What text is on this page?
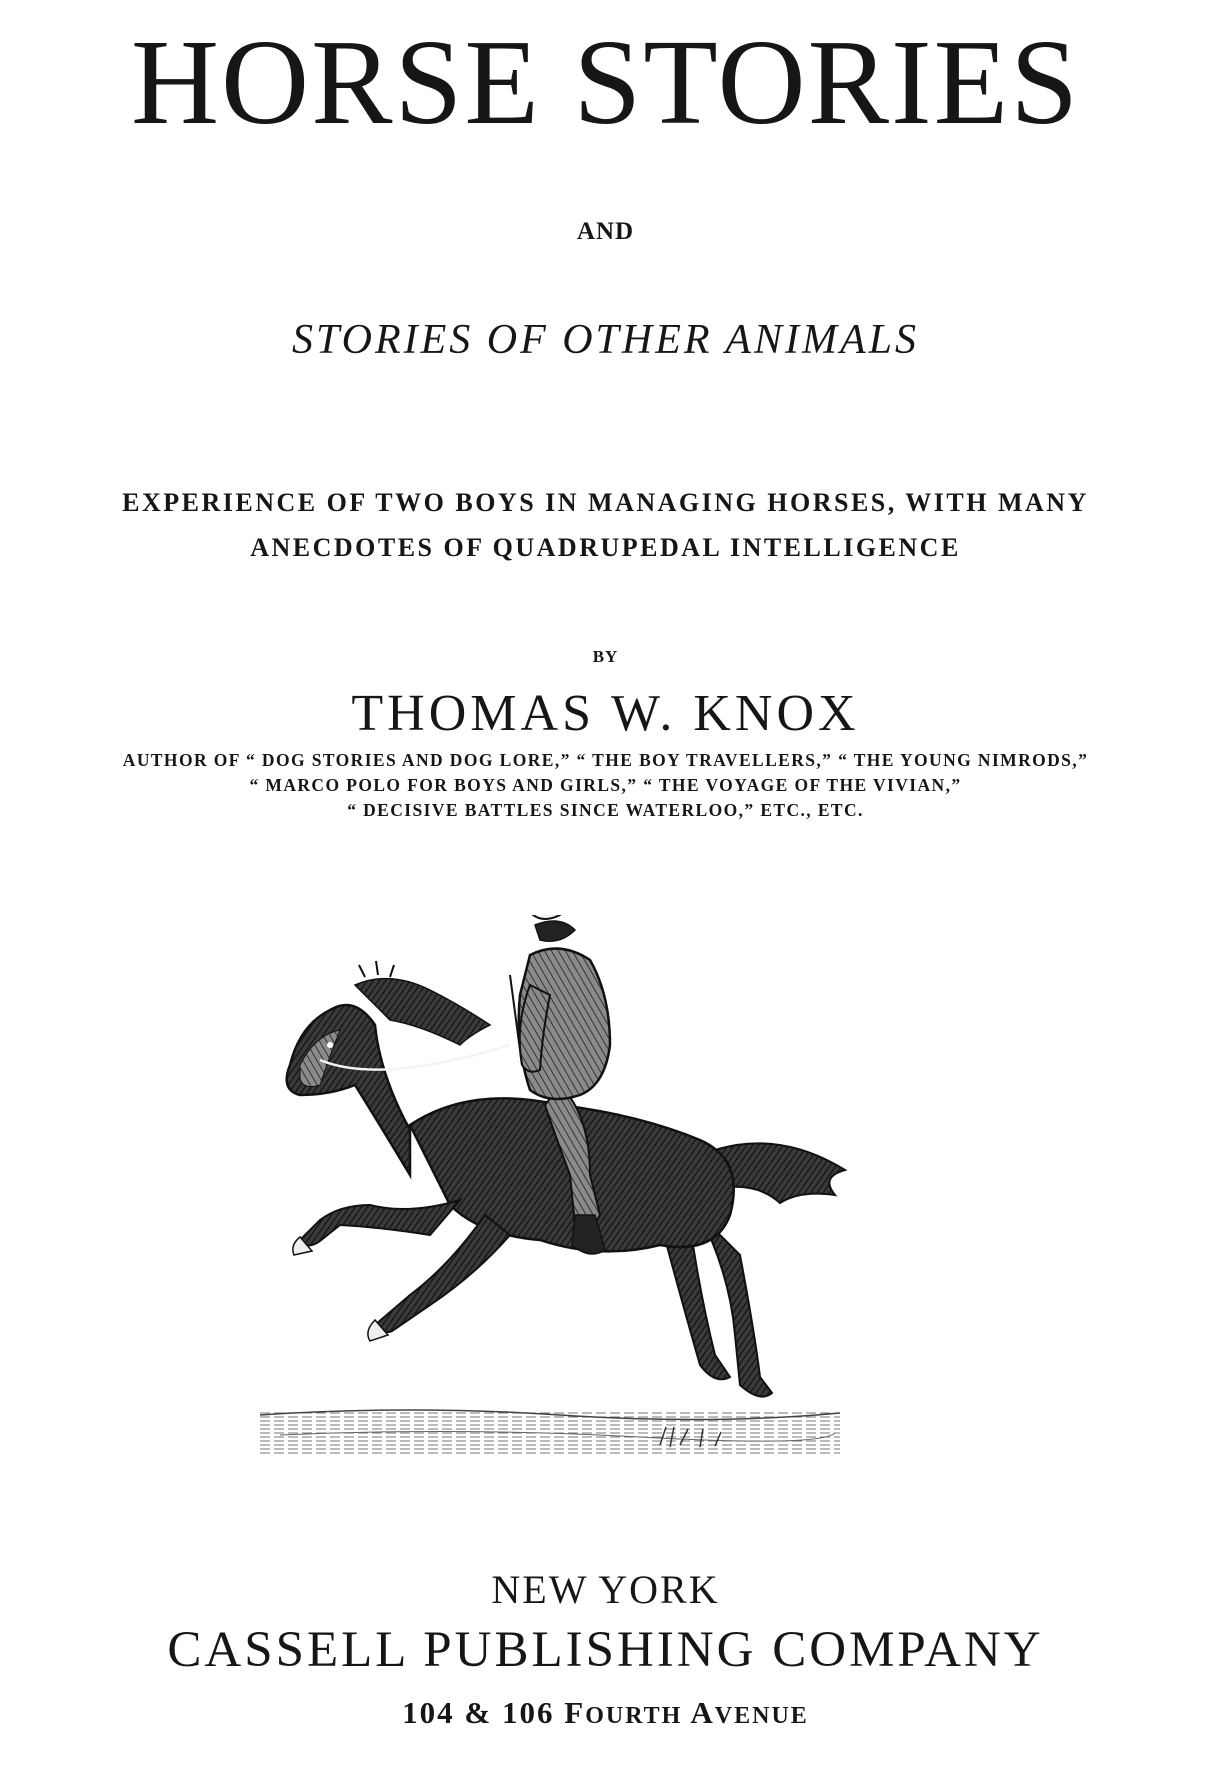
HORSE STORIES
AND
STORIES OF OTHER ANIMALS
EXPERIENCE OF TWO BOYS IN MANAGING HORSES, WITH MANY
ANECDOTES OF QUADRUPEDAL INTELLIGENCE
BY
THOMAS W. KNOX
AUTHOR OF “ DOG STORIES AND DOG LORE,” “ THE BOY TRAVELLERS,” “ THE YOUNG NIMRODS,”
“ MARCO POLO FOR BOYS AND GIRLS,” “ THE VOYAGE OF THE VIVIAN,”
“ DECISIVE BATTLES SINCE WATERLOO,” ETC., ETC.
NEW YORK
CASSELL PUBLISHING COMPANY
104 & 106 FOURTH AVENUE
